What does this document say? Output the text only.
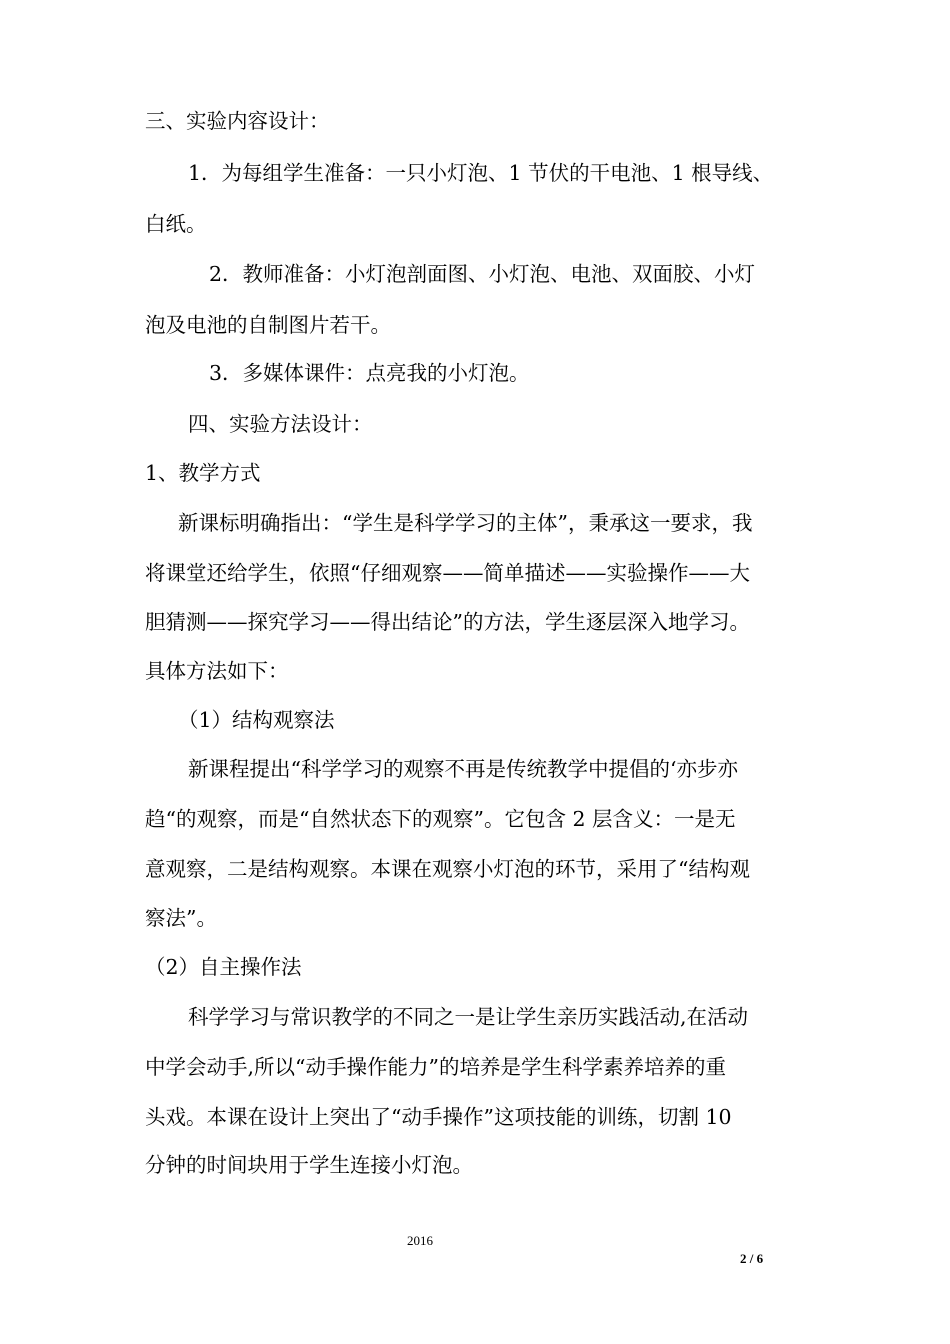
三、实验内容设计：
1．为每组学生准备：一只小灯泡、1 节伏的干电池、1 根导线、
白纸。
2．教师准备：小灯泡剖面图、小灯泡、电池、双面胶、小灯
泡及电池的自制图片若干。
3．多媒体课件：点亮我的小灯泡。
四、实验方法设计：
1、教学方式
新课标明确指出：“学生是科学学习的主体”，秉承这一要求，我
将课堂还给学生，依照“仔细观察——简单描述——实验操作——大
胆猜测——探究学习——得出结论”的方法，学生逐层深入地学习。
具体方法如下：
（1）结构观察法
新课程提出“科学学习的观察不再是传统教学中提倡的‘亦步亦
趋“的观察，而是“自然状态下的观察”。它包含 2 层含义：一是无
意观察，二是结构观察。本课在观察小灯泡的环节，采用了“结构观
察法”。
（2）自主操作法
科学学习与常识教学的不同之一是让学生亲历实践活动,在活动
中学会动手,所以“动手操作能力”的培养是学生科学素养培养的重
头戏。本课在设计上突出了“动手操作”这项技能的训练，切割 10
分钟的时间块用于学生连接小灯泡。
2016
2 / 6
